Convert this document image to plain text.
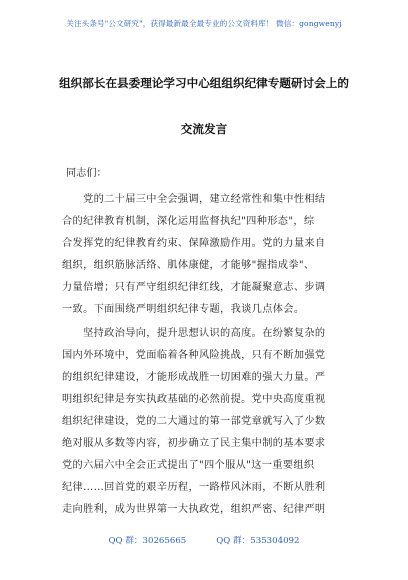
关注头条号"公文研究"，获得最新最全最专业的公文资料库！ 微信：gongwenyj
组织部长在县委理论学习中心组组织纪律专题研讨会上的
交流发言
同志们：
　　党的二十届三中全会强调，建立经常性和集中性相结
合的纪律教育机制，深化运用监督执纪"四种形态"，综
合发挥党的纪律教育约束、保障激励作用。党的力量来自
组织，组织筋脉活络、肌体康健，才能够"握指成拳"、
力量倍增；只有严守组织纪律红线，才能凝聚意志、步调
一致。下面围绕严明组织纪律专题，我谈几点体会。
　　坚持政治导向，提升思想认识的高度。在纷繁复杂的
国内外环境中，党面临着各种风险挑战，只有不断加强党
的组织纪律建设，才能形成战胜一切困难的强大力量。严
明组织纪律是夯实执政基础的必然前提。党中央高度重视
组织纪律建设，党的二大通过的第一部党章就写入了少数
绝对服从多数等内容，初步确立了民主集中制的基本要求
党的六届六中全会正式提出了"四个服从"这一重要组织
纪律……回首党的艰辛历程，一路栉风沐雨，不断从胜利
走向胜利，成为世界第一大执政党，组织严密、纪律严明
QQ 群：30265665	QQ 群：535304092
